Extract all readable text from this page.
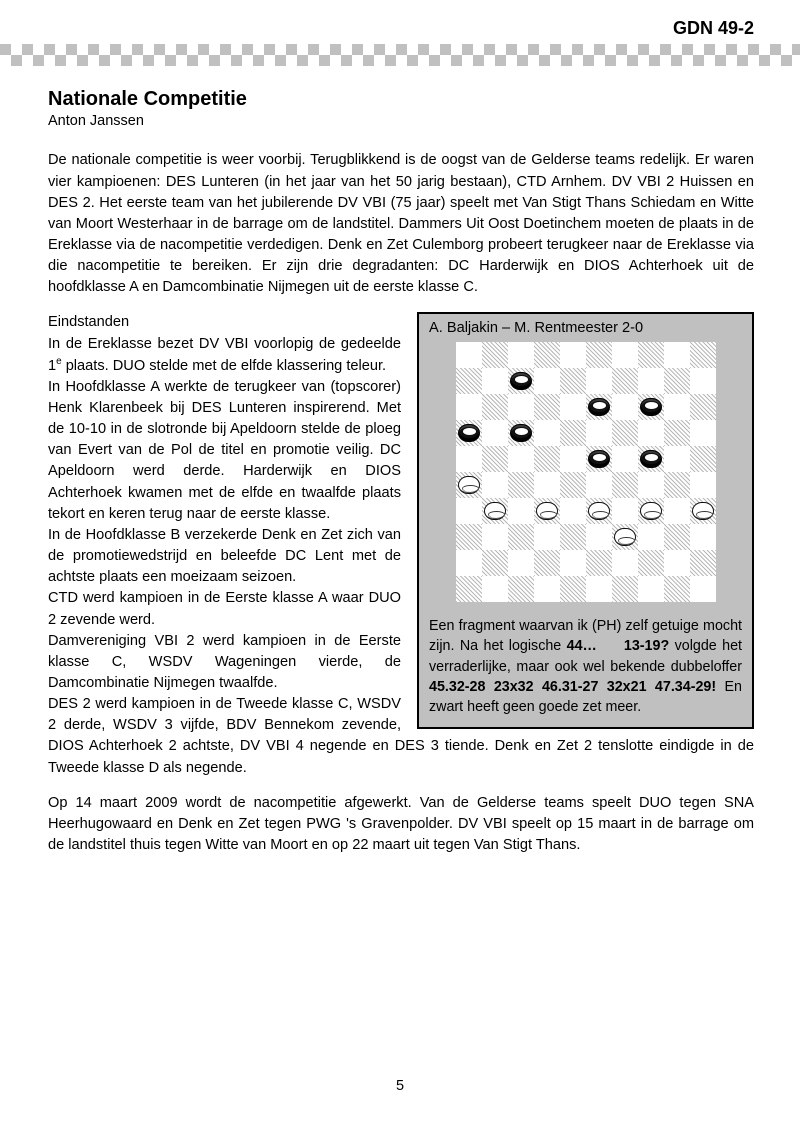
GDN 49-2
Nationale Competitie
Anton Janssen

De nationale competitie is weer voorbij. Terugblikkend is de oogst van de Gelderse teams redelijk. Er waren vier kampioenen: DES Lunteren (in het jaar van het 50 jarig bestaan), CTD Arnhem. DV VBI 2 Huissen en DES 2. Het eerste team van het jubilerende DV VBI (75 jaar) speelt met Van Stigt Thans Schiedam en Witte van Moort Westerhaar in de barrage om de landstitel. Dammers Uit Oost Doetinchem moeten de plaats in de Ereklasse via de nacompetitie verdedigen. Denk en Zet Culemborg probeert terugkeer naar de Ereklasse via die nacompetitie te bereiken. Er zijn drie degradanten: DC Harderwijk en DIOS Achterhoek uit de hoofdklasse A en Damcombinatie Nijmegen uit de eerste klasse C.

A. Baljakin – M. Rentmeester 2-0
Een fragment waarvan ik (PH) zelf getuige mocht zijn. Na het logische 44…     13-19? volgde het verraderlijke, maar ook wel bekende dubbeloffer 45.32-28 23x32 46.31-27 32x21 47.34-29! En zwart heeft geen goede zet meer.

Eindstanden
In de Ereklasse bezet DV VBI voorlopig de gedeelde 1e plaats. DUO stelde met de elfde klassering teleur.
In Hoofdklasse A werkte de terugkeer van (topscorer) Henk Klarenbeek bij DES Lunteren inspirerend. Met de 10-10 in de slotronde bij Apeldoorn stelde de ploeg van Evert van de Pol de titel en promotie veilig. DC Apeldoorn werd derde. Harderwijk en DIOS Achterhoek kwamen met de elfde en twaalfde plaats tekort en keren terug naar de eerste klasse.
In de Hoofdklasse B verzekerde Denk en Zet zich van de promotiewedstrijd en beleefde DC Lent met de achtste plaats een moeizaam seizoen.
CTD werd kampioen in de Eerste klasse A waar DUO 2 zevende werd.
Damvereniging VBI 2 werd kampioen in de Eerste klasse C, WSDV Wageningen vierde, de Damcombinatie Nijmegen twaalfde.
DES 2 werd kampioen in de Tweede klasse C, WSDV 2 derde, WSDV 3 vijfde, BDV Bennekom zevende, DIOS Achterhoek 2 achtste, DV VBI 4 negende en DES 3 tiende. Denk en Zet 2 tenslotte eindigde in de Tweede klasse D als negende.

Op 14 maart 2009 wordt de nacompetitie afgewerkt. Van de Gelderse teams speelt DUO tegen SNA Heerhugowaard en Denk en Zet tegen PWG 's Gravenpolder. DV VBI speelt op 15 maart in de barrage om de landstitel thuis tegen Witte van Moort en op 22 maart uit tegen Van Stigt Thans.

5
